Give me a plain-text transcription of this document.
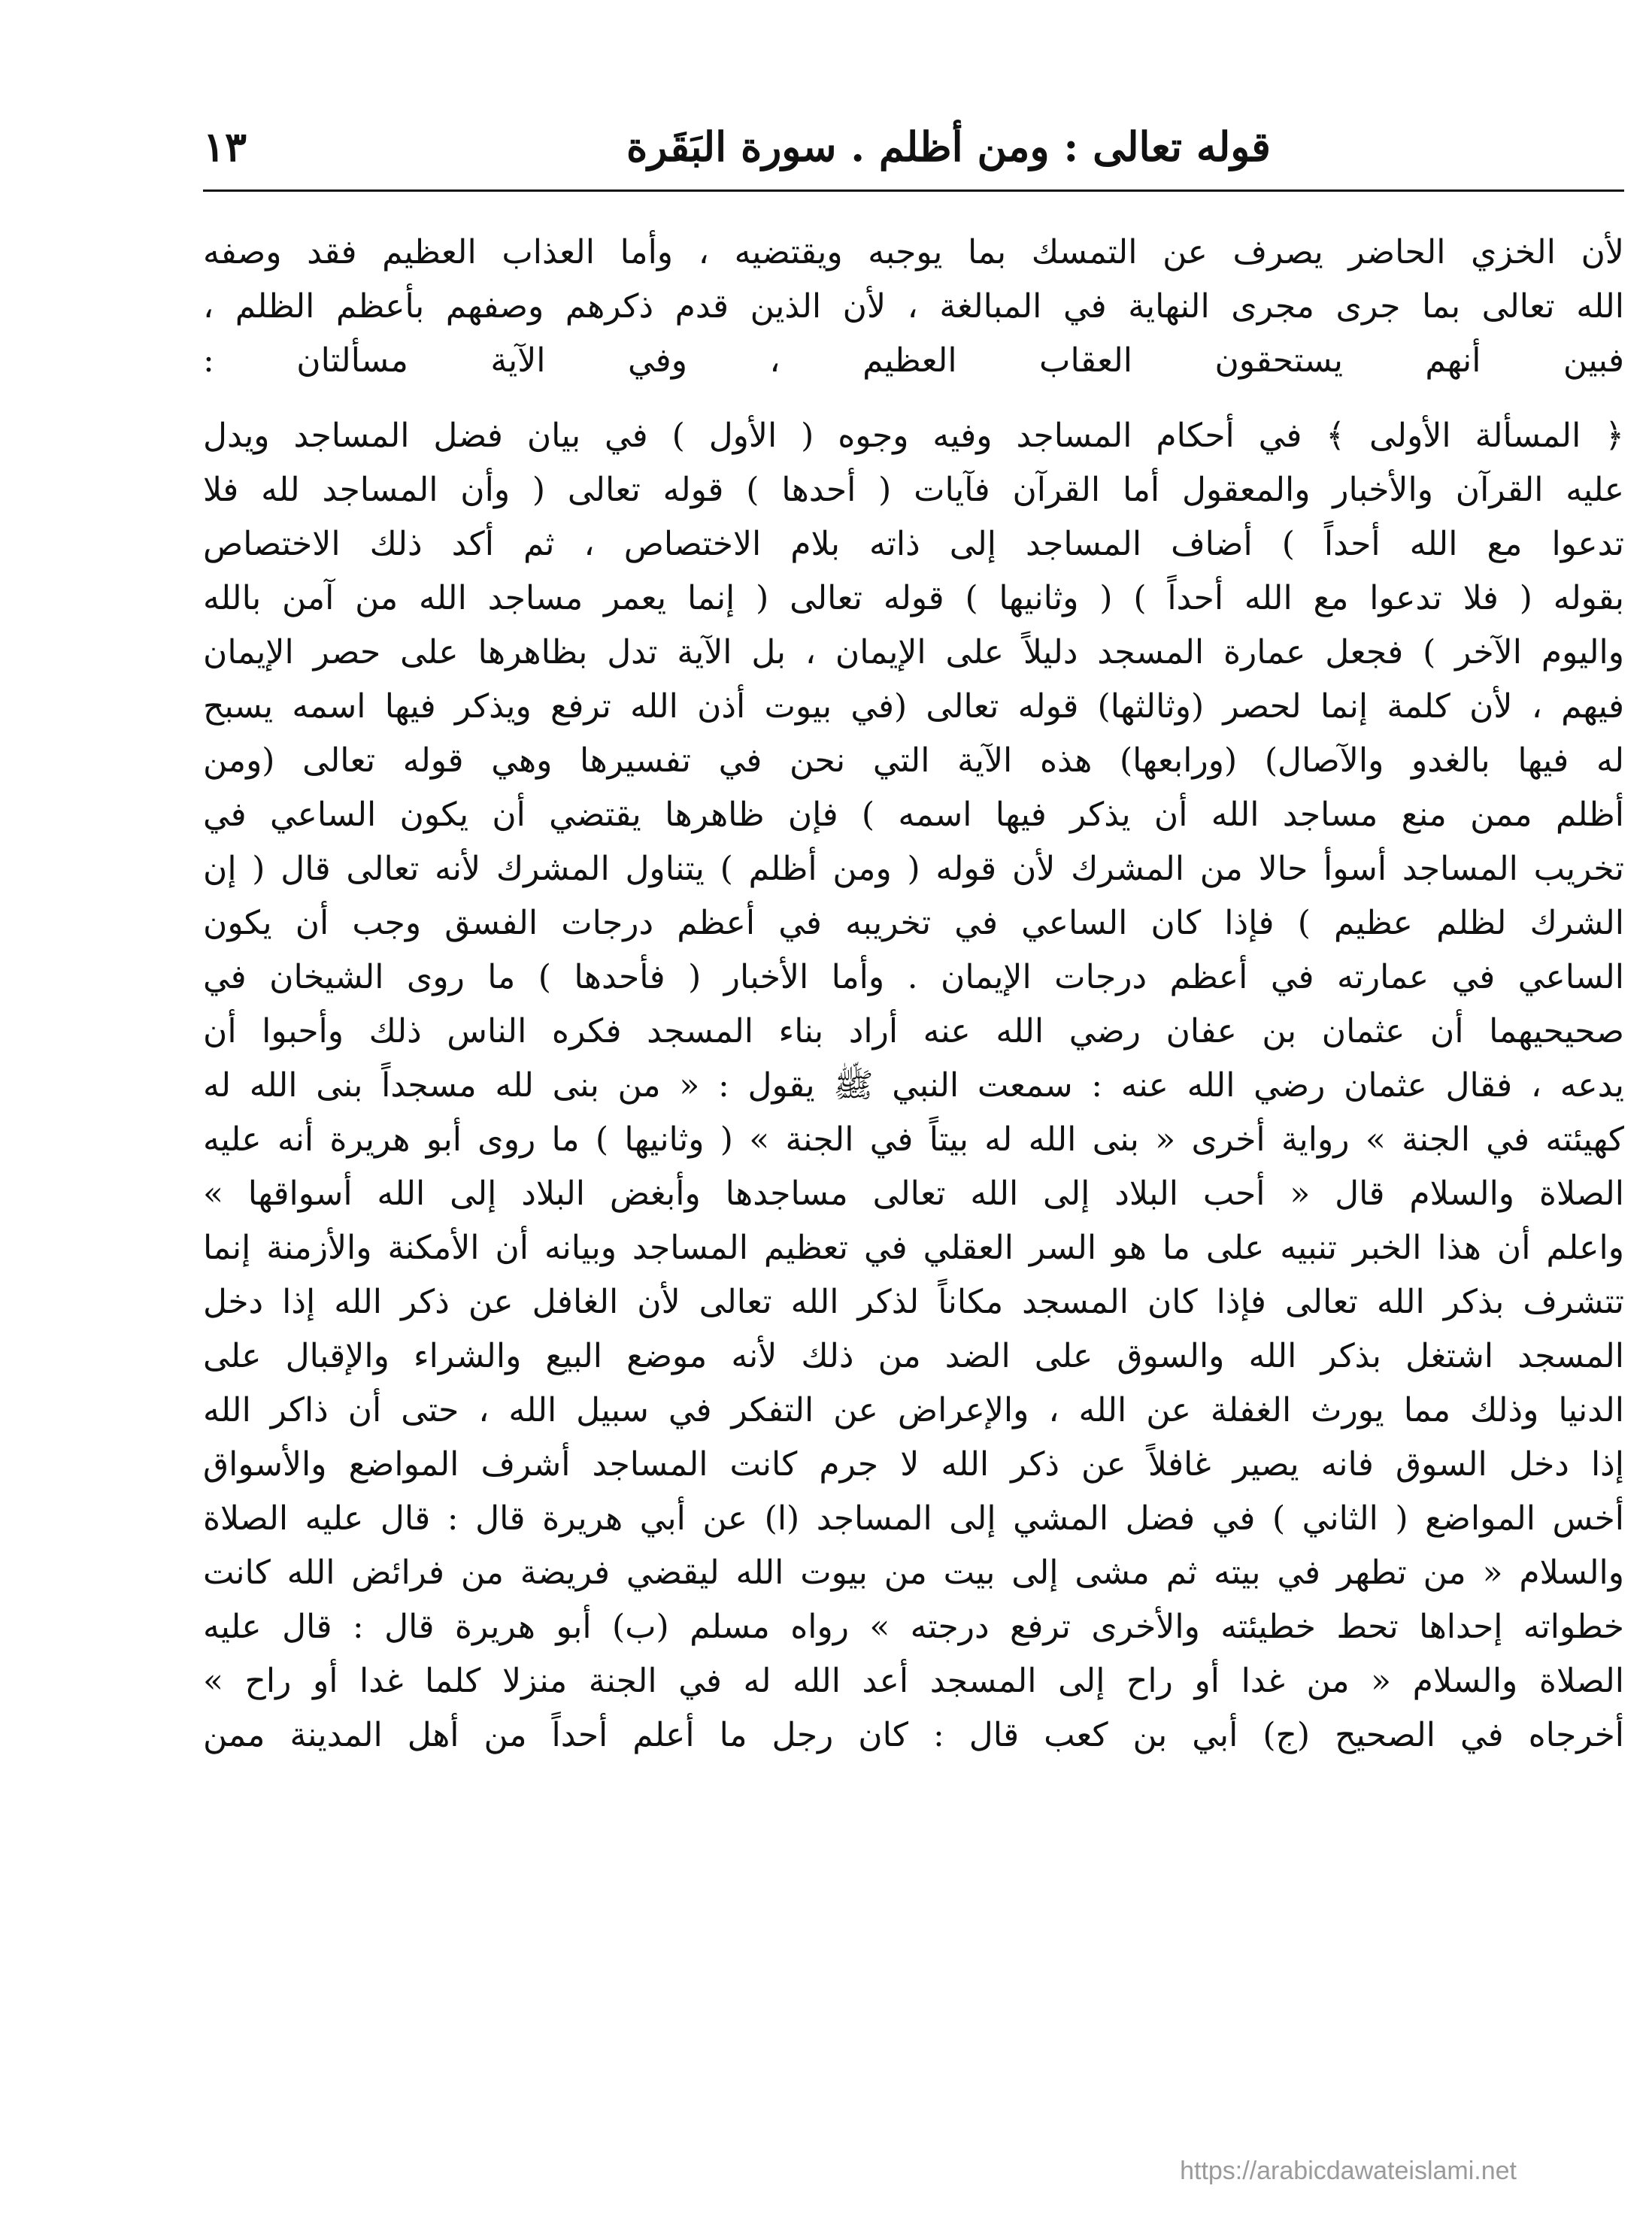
قوله تعالى : ومن أظلم . سورة البَقَرة
١٣
لأن الخزي الحاضر يصرف عن التمسك بما يوجبه ويقتضيه ، وأما العذاب العظيم فقد وصفه
الله تعالى بما جرى مجرى النهاية في المبالغة ، لأن الذين قدم ذكرهم وصفهم بأعظم الظلم ،
فبين أنهم يستحقون العقاب العظيم ، وفي الآية مسألتان :
﴿ المسألة الأولى ﴾ في أحكام المساجد وفيه وجوه ( الأول ) في بيان فضل المساجد ويدل
عليه القرآن والأخبار والمعقول أما القرآن فآيات ( أحدها ) قوله تعالى ( وأن المساجد لله فلا
تدعوا مع الله أحداً ) أضاف المساجد إلى ذاته بلام الاختصاص ، ثم أكد ذلك الاختصاص
بقوله ( فلا تدعوا مع الله أحداً ) ( وثانيها ) قوله تعالى ( إنما يعمر مساجد الله من آمن بالله
واليوم الآخر ) فجعل عمارة المسجد دليلاً على الإيمان ، بل الآية تدل بظاهرها على حصر الإيمان
فيهم ، لأن كلمة إنما لحصر (وثالثها) قوله تعالى (في بيوت أذن الله ترفع ويذكر فيها اسمه يسبح
له فيها بالغدو والآصال) (ورابعها) هذه الآية التي نحن في تفسيرها وهي قوله تعالى (ومن
أظلم ممن منع مساجد الله أن يذكر فيها اسمه ) فإن ظاهرها يقتضي أن يكون الساعي في
تخريب المساجد أسوأ حالا من المشرك لأن قوله ( ومن أظلم ) يتناول المشرك لأنه تعالى قال ( إن
الشرك لظلم عظيم ) فإذا كان الساعي في تخريبه في أعظم درجات الفسق وجب أن يكون
الساعي في عمارته في أعظم درجات الإيمان . وأما الأخبار ( فأحدها ) ما روى الشيخان في
صحيحيهما أن عثمان بن عفان رضي الله عنه أراد بناء المسجد فكره الناس ذلك وأحبوا أن
يدعه ، فقال عثمان رضي الله عنه : سمعت النبي ﷺ يقول : « من بنى لله مسجداً بنى الله له
كهيئته في الجنة » رواية أخرى « بنى الله له بيتاً في الجنة » ( وثانيها ) ما روى أبو هريرة أنه عليه
الصلاة والسلام قال « أحب البلاد إلى الله تعالى مساجدها وأبغض البلاد إلى الله أسواقها »
واعلم أن هذا الخبر تنبيه على ما هو السر العقلي في تعظيم المساجد وبيانه أن الأمكنة والأزمنة إنما
تتشرف بذكر الله تعالى فإذا كان المسجد مكاناً لذكر الله تعالى لأن الغافل عن ذكر الله إذا دخل
المسجد اشتغل بذكر الله والسوق على الضد من ذلك لأنه موضع البيع والشراء والإقبال على
الدنيا وذلك مما يورث الغفلة عن الله ، والإعراض عن التفكر في سبيل الله ، حتى أن ذاكر الله
إذا دخل السوق فانه يصير غافلاً عن ذكر الله لا جرم كانت المساجد أشرف المواضع والأسواق
أخس المواضع ( الثاني ) في فضل المشي إلى المساجد (ا) عن أبي هريرة قال : قال عليه الصلاة
والسلام « من تطهر في بيته ثم مشى إلى بيت من بيوت الله ليقضي فريضة من فرائض الله كانت
خطواته إحداها تحط خطيئته والأخرى ترفع درجته » رواه مسلم (ب) أبو هريرة قال : قال عليه
الصلاة والسلام « من غدا أو راح إلى المسجد أعد الله له في الجنة منزلا كلما غدا أو راح »
أخرجاه في الصحيح (ج) أبي بن كعب قال : كان رجل ما أعلم أحداً من أهل المدينة ممن
https://arabicdawateislami.net
